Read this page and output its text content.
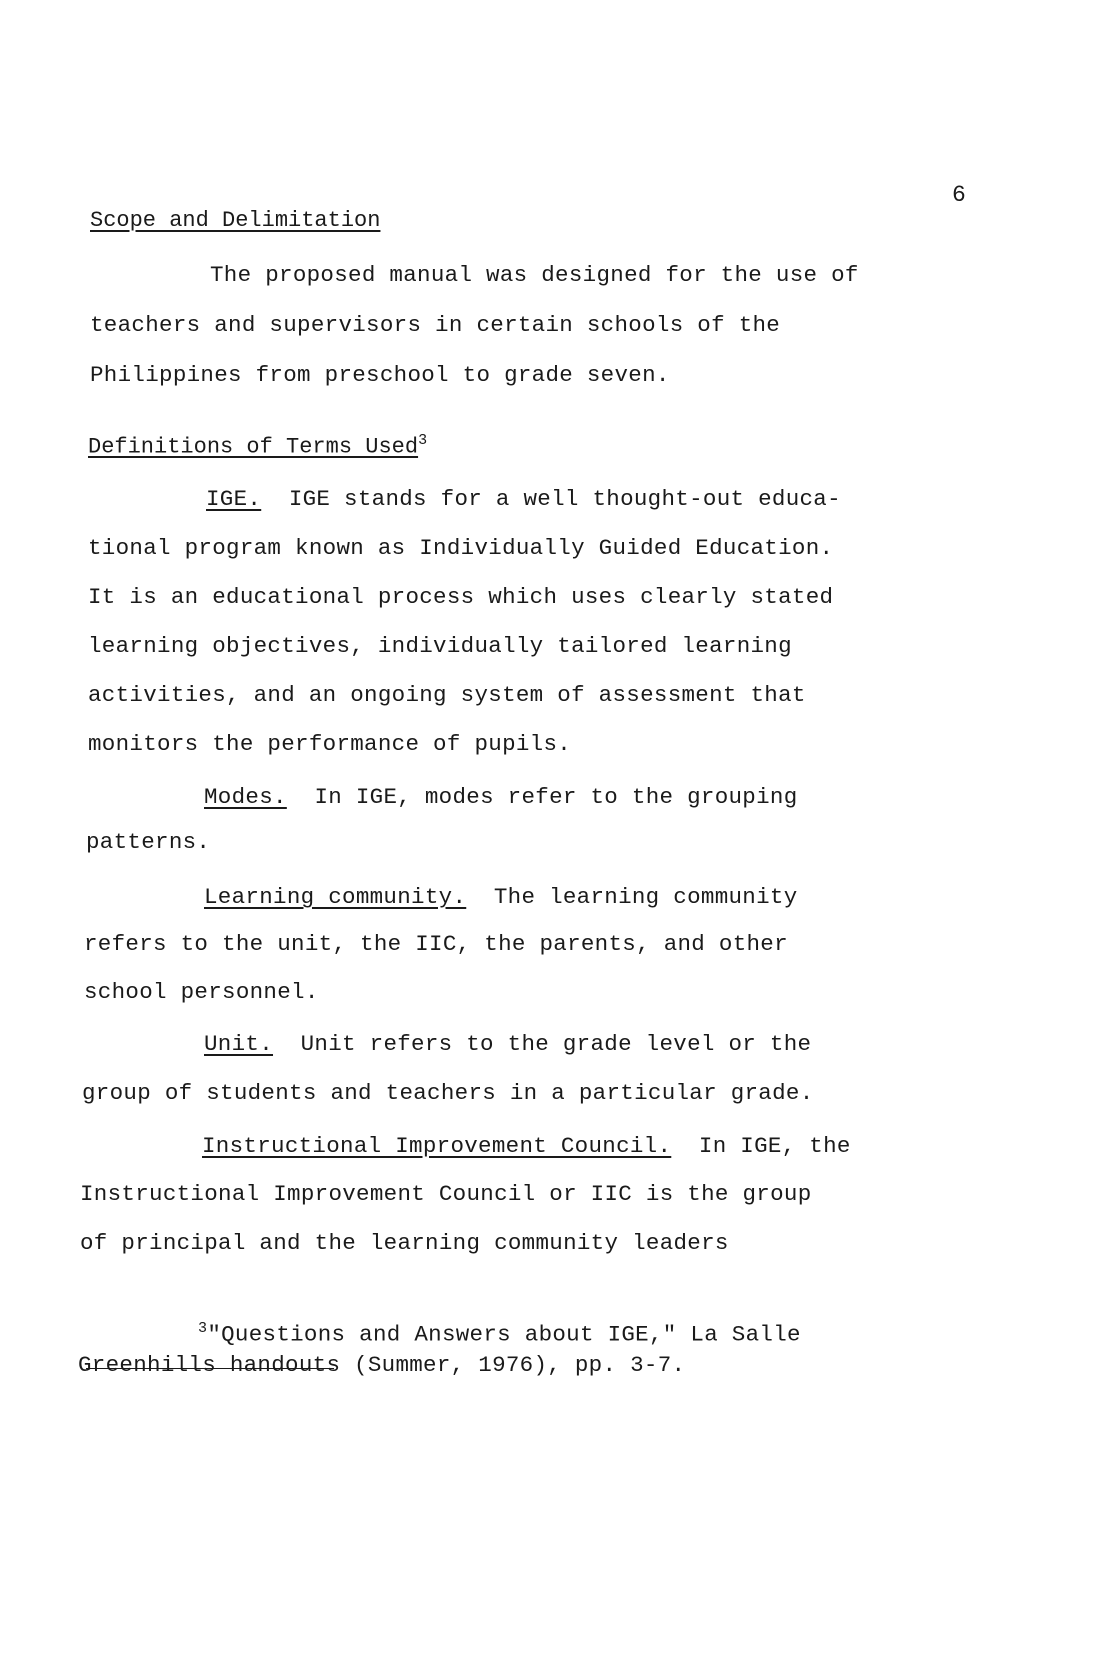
6
Scope and Delimitation
The proposed manual was designed for the use of
teachers and supervisors in certain schools of the
Philippines from preschool to grade seven.
Definitions of Terms Used$^3$
IGE. IGE stands for a well thought-out educa-
tional program known as Individually Guided Education.
It is an educational process which uses clearly stated
learning objectives, individually tailored learning
activities, and an ongoing system of assessment that
monitors the performance of pupils.
Modes. In IGE, modes refer to the grouping
patterns.
Learning community. The learning community
refers to the unit, the IIC, the parents, and other
school personnel.
Unit. Unit refers to the grade level or the
group of students and teachers in a particular grade.
Instructional Improvement Council. In IGE, the
Instructional Improvement Council or IIC is the group
of principal and the learning community leaders
$^3$"Questions and Answers about IGE," La Salle
Greenhills handouts (Summer, 1976), pp. 3-7.
